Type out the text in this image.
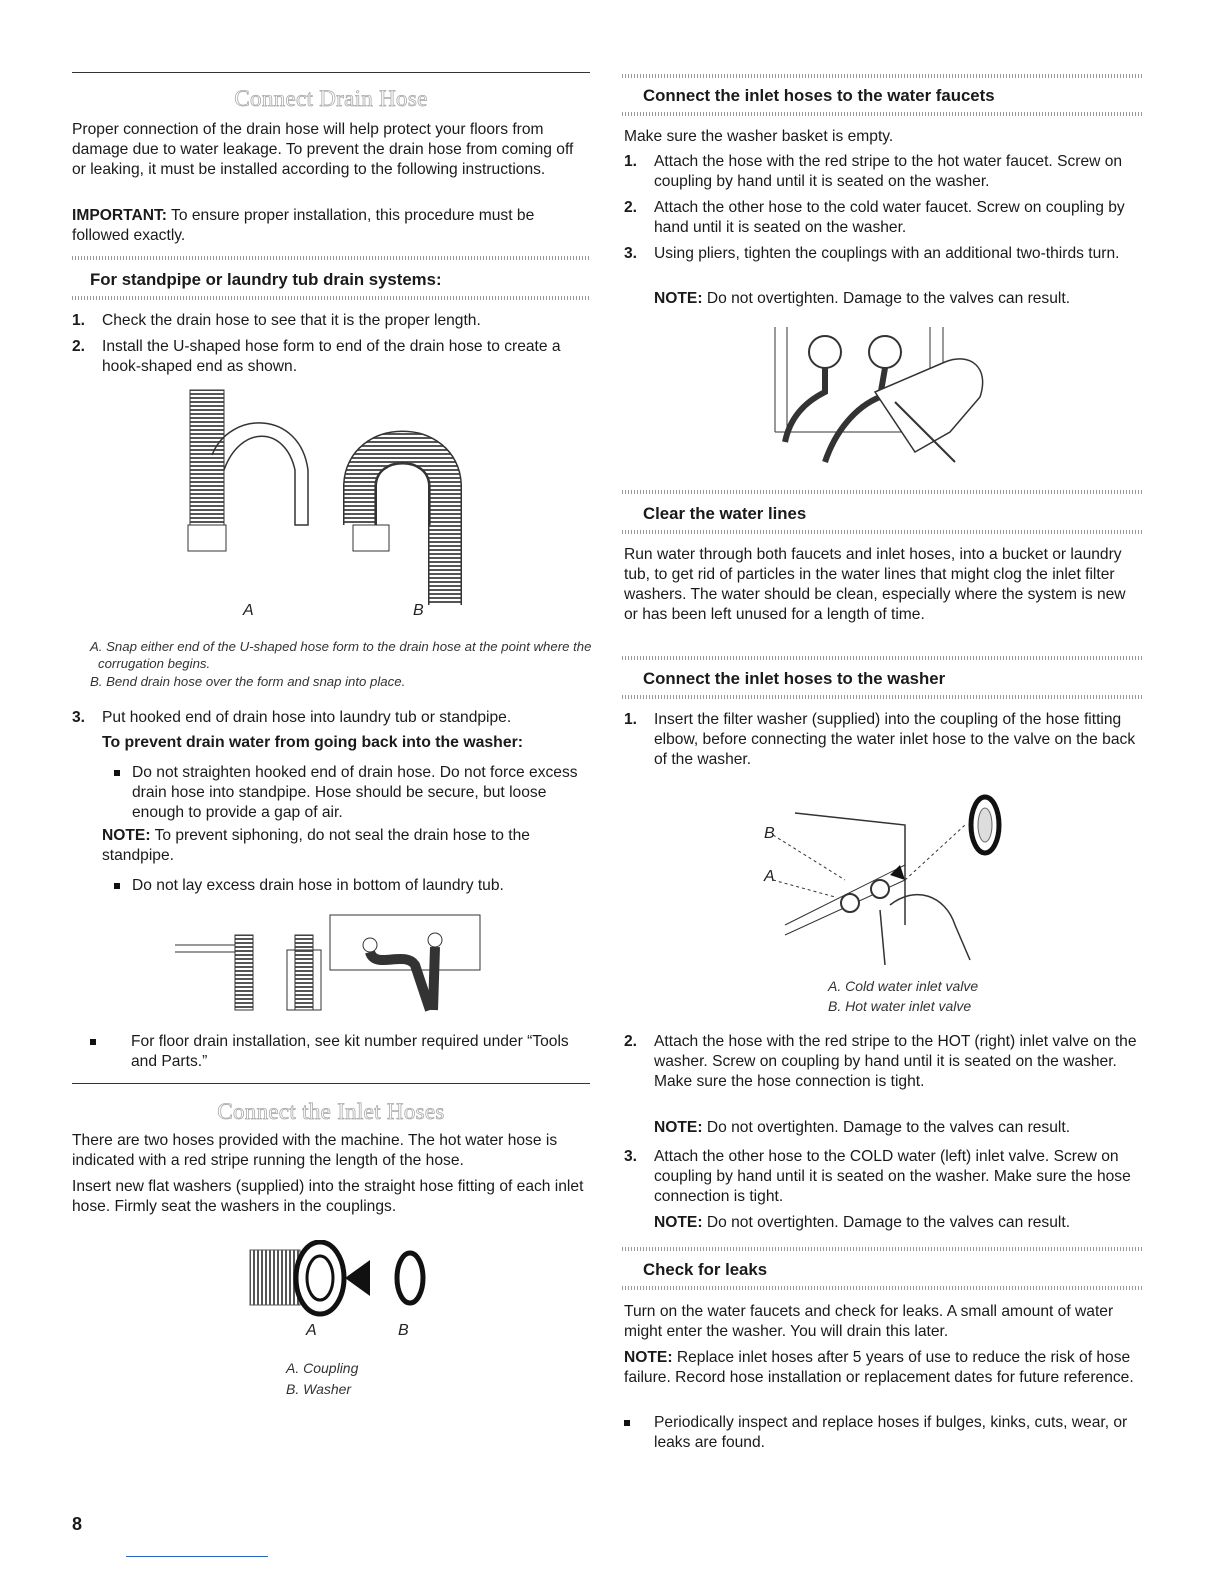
Connect Drain Hose
Proper connection of the drain hose will help protect your floors from damage due to water leakage. To prevent the drain hose from coming off or leaking, it must be installed according to the following instructions.
IMPORTANT: To ensure proper installation, this procedure must be followed exactly.
For standpipe or laundry tub drain systems:
1. Check the drain hose to see that it is the proper length.
2. Install the U-shaped hose form to end of the drain hose to create a hook-shaped end as shown.
A	B
A. Snap either end of the U-shaped hose form to the drain hose at the point where the corrugation begins.
B. Bend drain hose over the form and snap into place.
3. Put hooked end of drain hose into laundry tub or standpipe.
To prevent drain water from going back into the washer:
Do not straighten hooked end of drain hose. Do not force excess drain hose into standpipe. Hose should be secure, but loose enough to provide a gap of air.
NOTE: To prevent siphoning, do not seal the drain hose to the standpipe.
Do not lay excess drain hose in bottom of laundry tub.
For floor drain installation, see kit number required under “Tools and Parts.”
Connect the Inlet Hoses
There are two hoses provided with the machine. The hot water hose is indicated with a red stripe running the length of the hose.
Insert new flat washers (supplied) into the straight hose fitting of each inlet hose. Firmly seat the washers in the couplings.
A	B
A. Coupling
B. Washer
Connect the inlet hoses to the water faucets
Make sure the washer basket is empty.
1. Attach the hose with the red stripe to the hot water faucet. Screw on coupling by hand until it is seated on the washer.
2. Attach the other hose to the cold water faucet. Screw on coupling by hand until it is seated on the washer.
3. Using pliers, tighten the couplings with an additional two-thirds turn.
NOTE: Do not overtighten. Damage to the valves can result.
Clear the water lines
Run water through both faucets and inlet hoses, into a bucket or laundry tub, to get rid of particles in the water lines that might clog the inlet filter washers. The water should be clean, especially where the system is new or has been left unused for a length of time.
Connect the inlet hoses to the washer
1. Insert the filter washer (supplied) into the coupling of the hose fitting elbow, before connecting the water inlet hose to the valve on the back of the washer.
B
A
A. Cold water inlet valve
B. Hot water inlet valve
2. Attach the hose with the red stripe to the HOT (right) inlet valve on the washer. Screw on coupling by hand until it is seated on the washer. Make sure the hose connection is tight.
NOTE: Do not overtighten. Damage to the valves can result.
3. Attach the other hose to the COLD water (left) inlet valve. Screw on coupling by hand until it is seated on the washer. Make sure the hose connection is tight.
NOTE: Do not overtighten. Damage to the valves can result.
Check for leaks
Turn on the water faucets and check for leaks. A small amount of water might enter the washer. You will drain this later.
NOTE: Replace inlet hoses after 5 years of use to reduce the risk of hose failure. Record hose installation or replacement dates for future reference.
Periodically inspect and replace hoses if bulges, kinks, cuts, wear, or leaks are found.
8
